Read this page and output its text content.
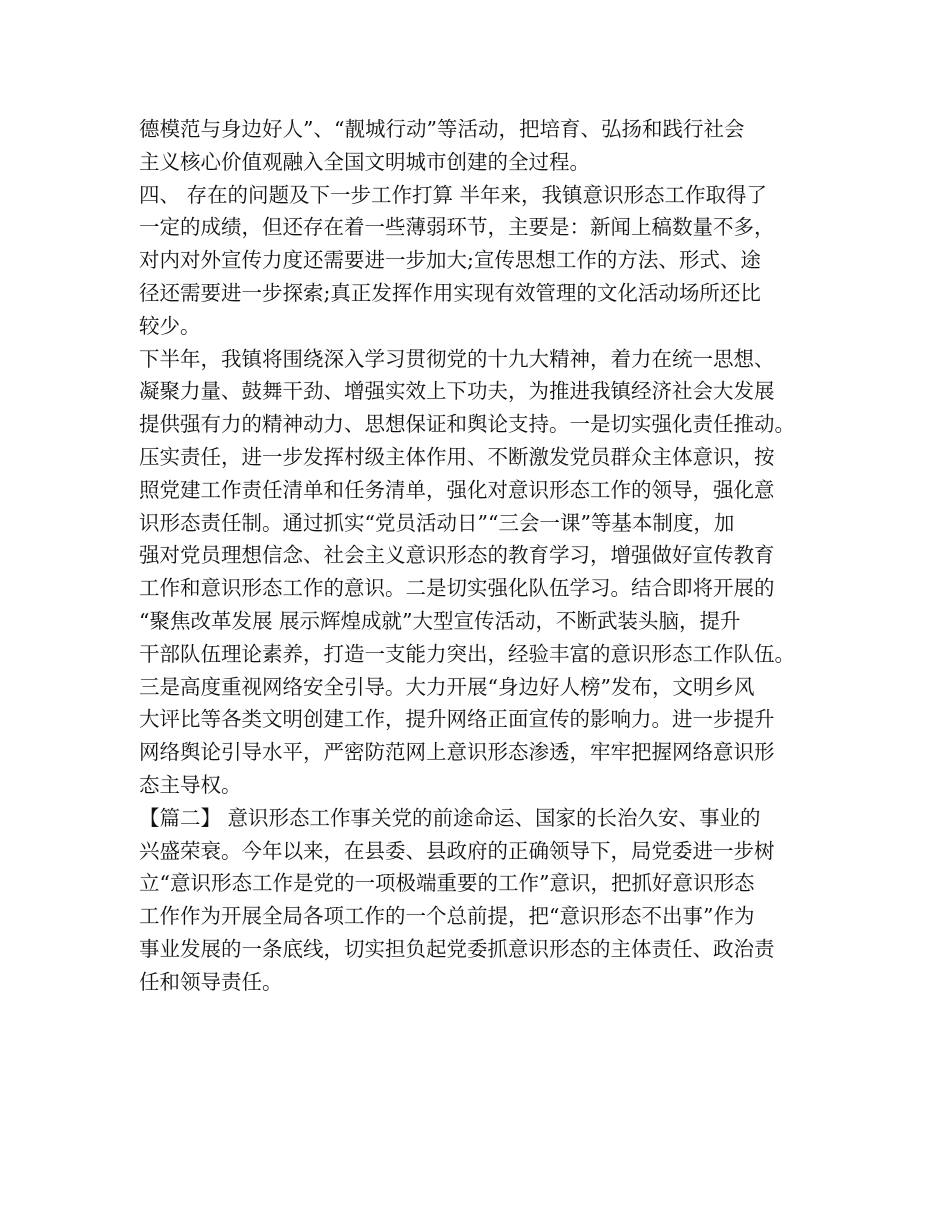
德模范与身边好人”、“靓城行动”等活动，把培育、弘扬和践行社会
主义核心价值观融入全国文明城市创建的全过程。
四、 存在的问题及下一步工作打算 半年来，我镇意识形态工作取得了
一定的成绩，但还存在着一些薄弱环节，主要是：新闻上稿数量不多，
对内对外宣传力度还需要进一步加大;宣传思想工作的方法、形式、途
径还需要进一步探索;真正发挥作用实现有效管理的文化活动场所还比
较少。
下半年，我镇将围绕深入学习贯彻党的十九大精神，着力在统一思想、
凝聚力量、鼓舞干劲、增强实效上下功夫，为推进我镇经济社会大发展
提供强有力的精神动力、思想保证和舆论支持。一是切实强化责任推动。
压实责任，进一步发挥村级主体作用、不断激发党员群众主体意识，按
照党建工作责任清单和任务清单，强化对意识形态工作的领导，强化意
识形态责任制。通过抓实“党员活动日”“三会一课”等基本制度，加
强对党员理想信念、社会主义意识形态的教育学习，增强做好宣传教育
工作和意识形态工作的意识。二是切实强化队伍学习。结合即将开展的
“聚焦改革发展 展示辉煌成就”大型宣传活动，不断武装头脑，提升
干部队伍理论素养，打造一支能力突出，经验丰富的意识形态工作队伍。
三是高度重视网络安全引导。大力开展“身边好人榜”发布，文明乡风
大评比等各类文明创建工作，提升网络正面宣传的影响力。进一步提升
网络舆论引导水平，严密防范网上意识形态渗透，牢牢把握网络意识形
态主导权。
【篇二】 意识形态工作事关党的前途命运、国家的长治久安、事业的
兴盛荣衰。今年以来，在县委、县政府的正确领导下，局党委进一步树
立“意识形态工作是党的一项极端重要的工作”意识，把抓好意识形态
工作作为开展全局各项工作的一个总前提，把“意识形态不出事”作为
事业发展的一条底线，切实担负起党委抓意识形态的主体责任、政治责
任和领导责任。
